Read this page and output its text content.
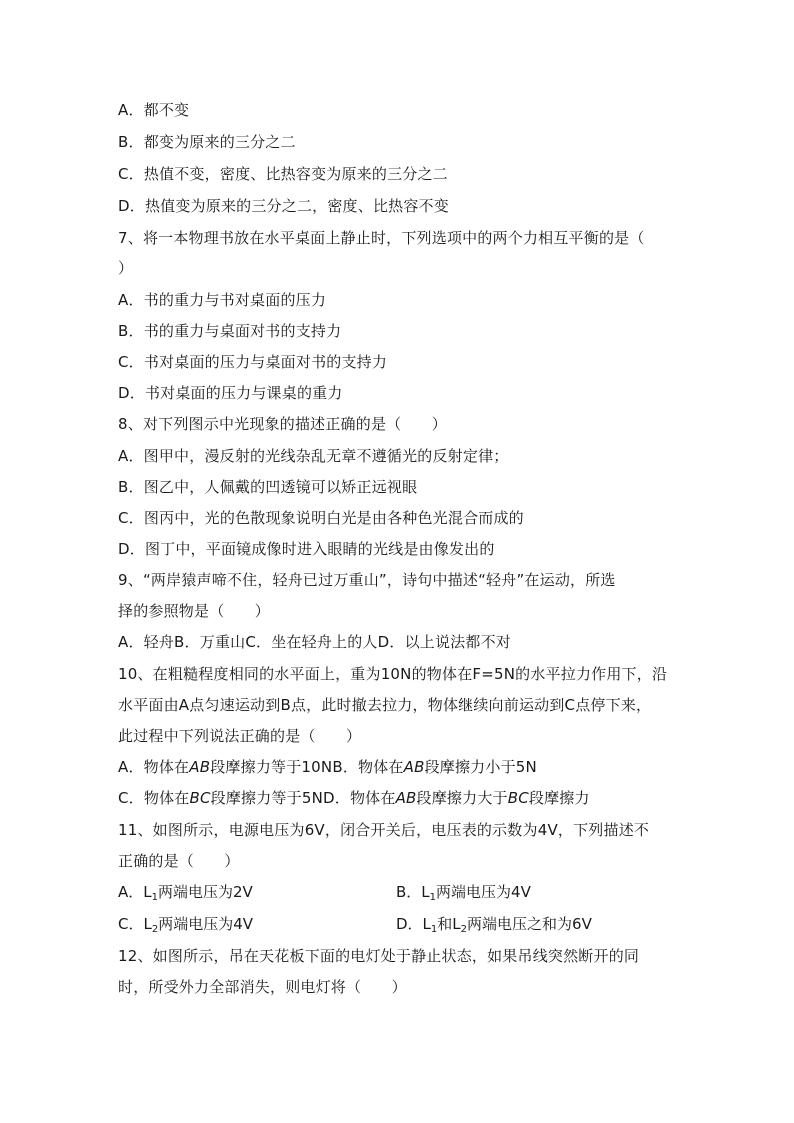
A．都不变
B．都变为原来的三分之二
C．热值不变，密度、比热容变为原来的三分之二
D．热值变为原来的三分之二，密度、比热容不变
7、将一本物理书放在水平桌面上静止时，下列选项中的两个力相互平衡的是（
）
A．书的重力与书对桌面的压力
B．书的重力与桌面对书的支持力
C．书对桌面的压力与桌面对书的支持力
D．书对桌面的压力与课桌的重力
8、对下列图示中光现象的描述正确的是（　　）
A．图甲中，漫反射的光线杂乱无章不遵循光的反射定律；
B．图乙中，人佩戴的凹透镜可以矫正远视眼
C．图丙中，光的色散现象说明白光是由各种色光混合而成的
D．图丁中，平面镜成像时进入眼睛的光线是由像发出的
9、“两岸猿声啼不住，轻舟已过万重山”，诗句中描述“轻舟”在运动，所选
择的参照物是（　　）
A．轻舟B．万重山C．坐在轻舟上的人D．以上说法都不对
10、在粗糙程度相同的水平面上，重为10N的物体在F=5N的水平拉力作用下，沿
水平面由A点匀速运动到B点，此时撤去拉力，物体继续向前运动到C点停下来，
此过程中下列说法正确的是（　　）
A．物体在AB段摩擦力等于10NB．物体在AB段摩擦力小于5N
C．物体在BC段摩擦力等于5ND．物体在AB段摩擦力大于BC段摩擦力
11、如图所示，电源电压为6V，闭合开关后，电压表的示数为4V，下列描述不
正确的是（　　）
A．$L_1$两端电压为2V	B．$L_1$两端电压为4V
C．$L_2$两端电压为4V	D．$L_1$和$L_2$两端电压之和为6V
12、如图所示，吊在天花板下面的电灯处于静止状态，如果吊线突然断开的同
时，所受外力全部消失，则电灯将（　　）
